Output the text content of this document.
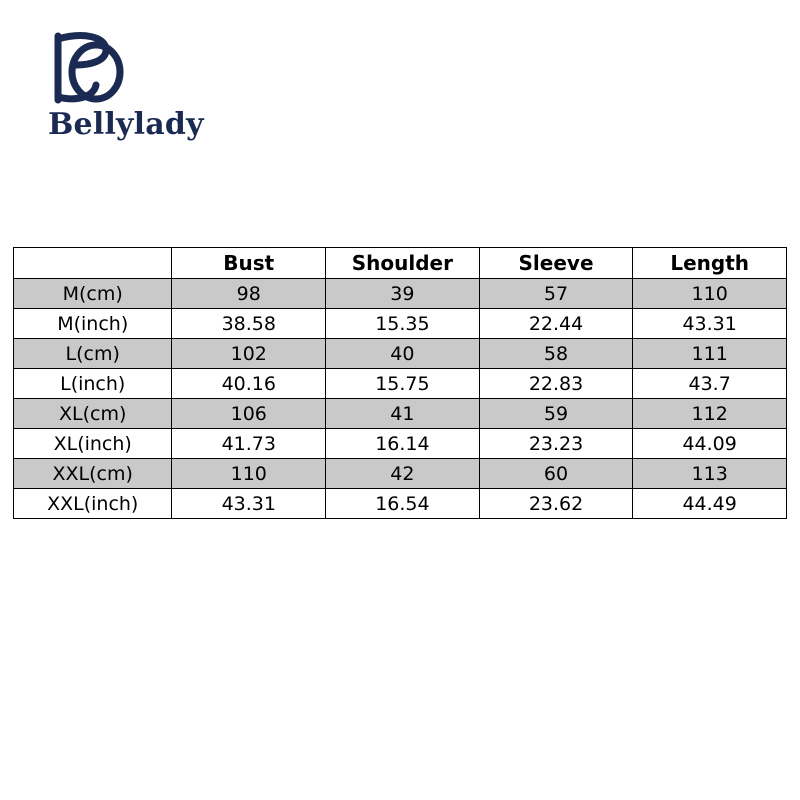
Bellylady
	Bust	Shoulder	Sleeve	Length
M(cm)	98	39	57	110
M(inch)	38.58	15.35	22.44	43.31
L(cm)	102	40	58	111
L(inch)	40.16	15.75	22.83	43.7
XL(cm)	106	41	59	112
XL(inch)	41.73	16.14	23.23	44.09
XXL(cm)	110	42	60	113
XXL(inch)	43.31	16.54	23.62	44.49
